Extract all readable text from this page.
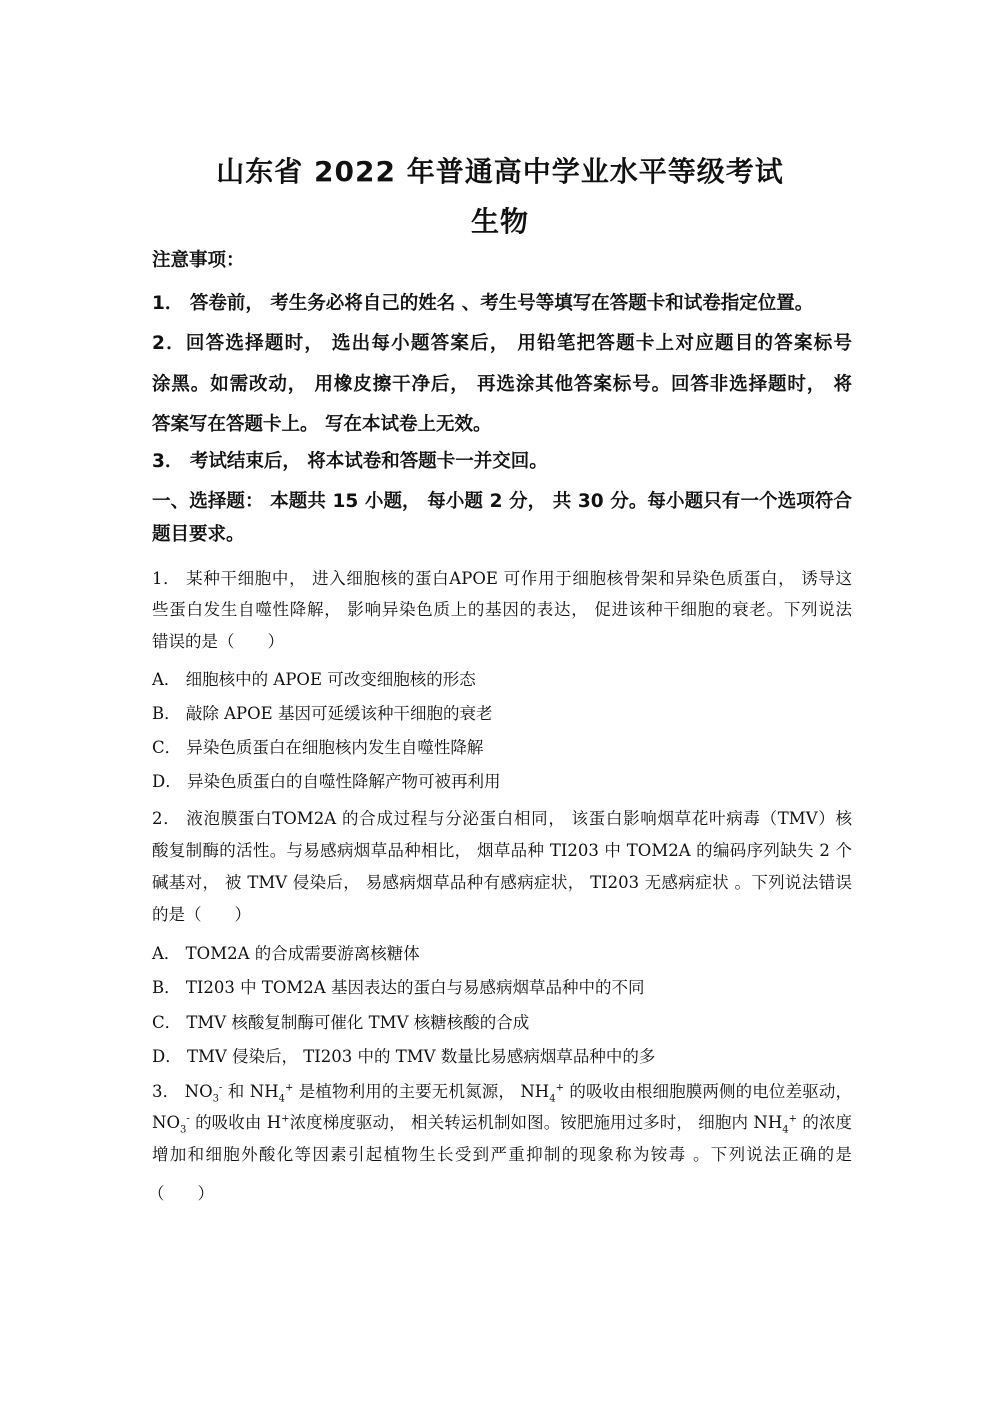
山东省 2022 年普通高中学业水平等级考试
生物
注意事项：
1． 答卷前， 考生务必将自己的姓名 、考生号等填写在答题卡和试卷指定位置。
2．回答选择题时， 选出每小题答案后， 用铅笔把答题卡上对应题目的答案标号
涂黑。如需改动， 用橡皮擦干净后， 再选涂其他答案标号。回答非选择题时， 将
答案写在答题卡上。 写在本试卷上无效。
3． 考试结束后， 将本试卷和答题卡一并交回。
一、选择题： 本题共 15 小题， 每小题 2 分， 共 30 分。每小题只有一个选项符合
题目要求。
1． 某种干细胞中， 进入细胞核的蛋白APOE 可作用于细胞核骨架和异染色质蛋白， 诱导这
些蛋白发生自噬性降解， 影响异染色质上的基因的表达， 促进该种干细胞的衰老。下列说法
错误的是（　　）
A． 细胞核中的 APOE 可改变细胞核的形态
B． 敲除 APOE 基因可延缓该种干细胞的衰老
C． 异染色质蛋白在细胞核内发生自噬性降解
D． 异染色质蛋白的自噬性降解产物可被再利用
2． 液泡膜蛋白TOM2A 的合成过程与分泌蛋白相同， 该蛋白影响烟草花叶病毒（TMV）核
酸复制酶的活性。与易感病烟草品种相比， 烟草品种 TI203 中 TOM2A 的编码序列缺失 2 个
碱基对， 被 TMV 侵染后， 易感病烟草品种有感病症状， TI203 无感病症状 。下列说法错误
的是（　　）
A． TOM2A 的合成需要游离核糖体
B． TI203 中 TOM2A 基因表达的蛋白与易感病烟草品种中的不同
C． TMV 核酸复制酶可催化 TMV 核糖核酸的合成
D． TMV 侵染后， TI203 中的 TMV 数量比易感病烟草品种中的多
3． $NO_3^-$ 和 $NH_4^+$ 是植物利用的主要无机氮源， $NH_4^+$ 的吸收由根细胞膜两侧的电位差驱动，
$NO_3^-$ 的吸收由 H+浓度梯度驱动， 相关转运机制如图。铵肥施用过多时， 细胞内 $NH_4^+$ 的浓度
增加和细胞外酸化等因素引起植物生长受到严重抑制的现象称为铵毒 。下列说法正确的是
（　　）
